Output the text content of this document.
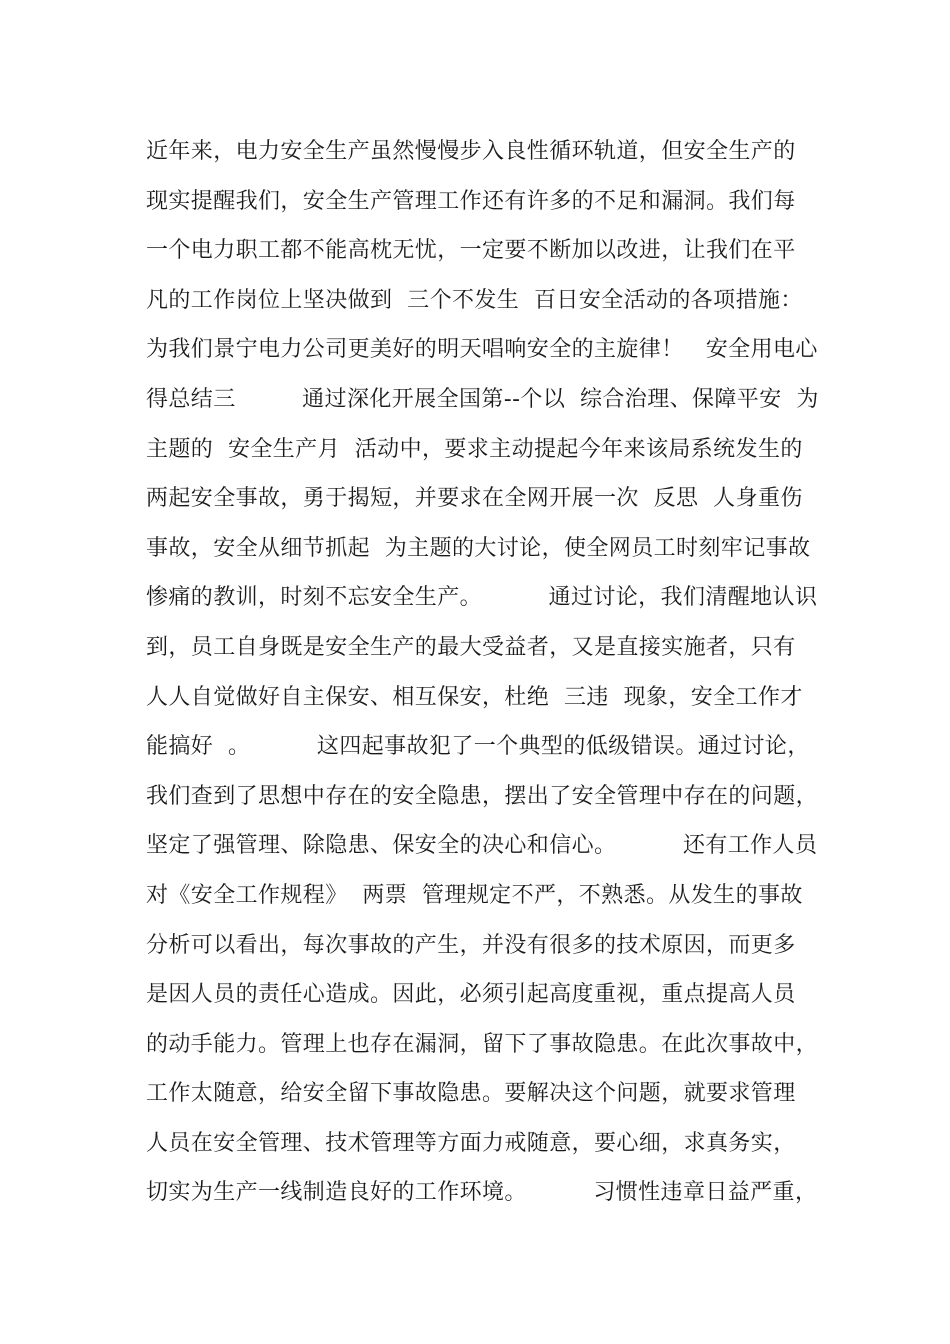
近年来，电力安全生产虽然慢慢步入良性循环轨道，但安全生产的
现实提醒我们，安全生产管理工作还有许多的不足和漏洞。我们每
一个电力职工都不能高枕无忧，一定要不断加以改进，让我们在平
凡的工作岗位上坚决做到  三个不发生  百日安全活动的各项措施：
为我们景宁电力公司更美好的明天唱响安全的主旋律！   安全用电心
得总结三         通过深化开展全国第--个以  综合治理、保障平安  为
主题的  安全生产月  活动中，要求主动提起今年来该局系统发生的
两起安全事故，勇于揭短，并要求在全网开展一次  反思  人身重伤
事故，安全从细节抓起  为主题的大讨论，使全网员工时刻牢记事故
惨痛的教训，时刻不忘安全生产。         通过讨论，我们清醒地认识
到，员工自身既是安全生产的最大受益者，又是直接实施者，只有
人人自觉做好自主保安、相互保安，杜绝  三违  现象，安全工作才
能搞好  。         这四起事故犯了一个典型的低级错误。通过讨论，
我们查到了思想中存在的安全隐患，摆出了安全管理中存在的问题，
坚定了强管理、除隐患、保安全的决心和信心。         还有工作人员
对《安全工作规程》  两票  管理规定不严，不熟悉。从发生的事故
分析可以看出，每次事故的产生，并没有很多的技术原因，而更多
是因人员的责任心造成。因此，必须引起高度重视，重点提高人员
的动手能力。管理上也存在漏洞，留下了事故隐患。在此次事故中，
工作太随意，给安全留下事故隐患。要解决这个问题，就要求管理
人员在安全管理、技术管理等方面力戒随意，要心细，求真务实，
切实为生产一线制造良好的工作环境。         习惯性违章日益严重，
